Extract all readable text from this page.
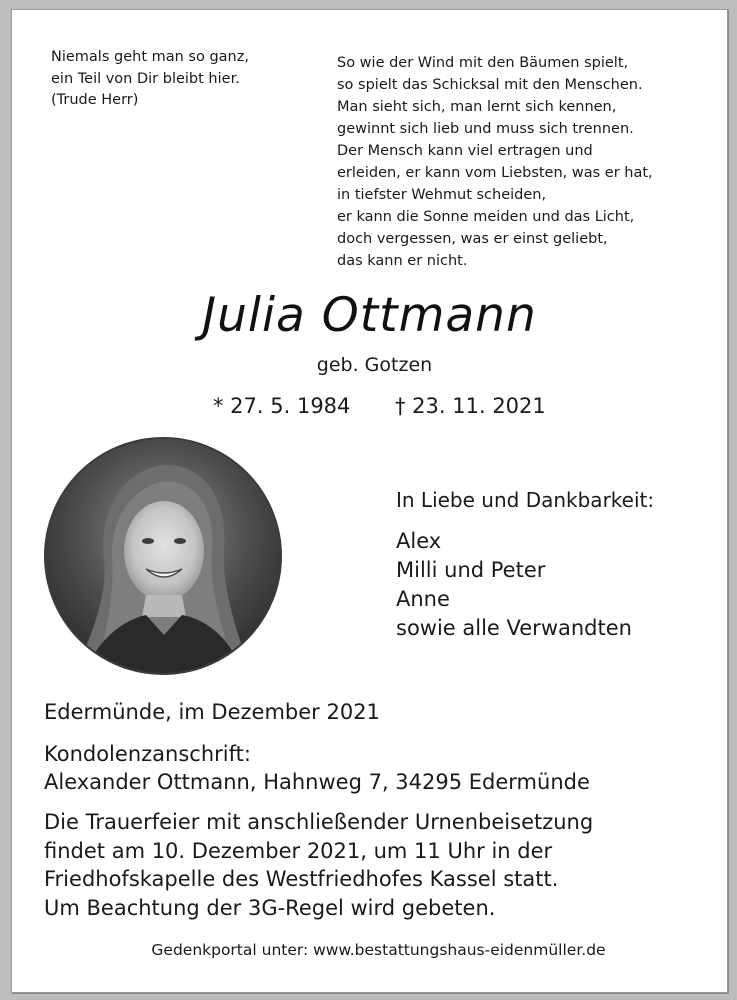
Niemals geht man so ganz,
ein Teil von Dir bleibt hier.
(Trude Herr)
So wie der Wind mit den Bäumen spielt,
so spielt das Schicksal mit den Menschen.
Man sieht sich, man lernt sich kennen,
gewinnt sich lieb und muss sich trennen.
Der Mensch kann viel ertragen und
erleiden, er kann vom Liebsten, was er hat,
in tiefster Wehmut scheiden,
er kann die Sonne meiden und das Licht,
doch vergessen, was er einst geliebt,
das kann er nicht.
Julia Ottmann
geb. Gotzen
* 27. 5. 1984 † 23. 11. 2021
In Liebe und Dankbarkeit:
Alex
Milli und Peter
Anne
sowie alle Verwandten
Edermünde, im Dezember 2021
Kondolenzanschrift:
Alexander Ottmann, Hahnweg 7, 34295 Edermünde
Die Trauerfeier mit anschließender Urnenbeisetzung
findet am 10. Dezember 2021, um 11 Uhr in der
Friedhofskapelle des Westfriedhofes Kassel statt.
Um Beachtung der 3G-Regel wird gebeten.
Gedenkportal unter: www.bestattungshaus-eidenmüller.de
